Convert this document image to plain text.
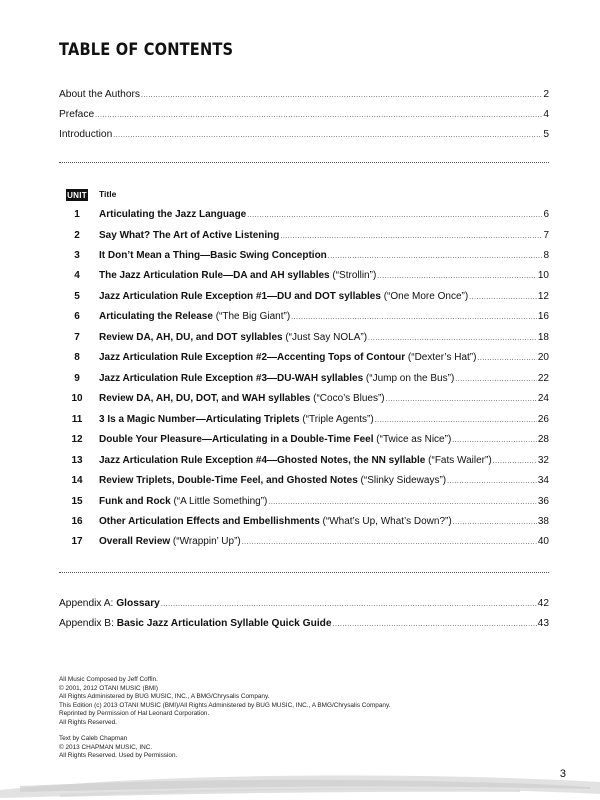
TABLE OF CONTENTS
About the Authors .....	2
Preface .....	4
Introduction .....	5
UNIT Title
1	Articulating the Jazz Language .....	6
2	Say What? The Art of Active Listening .....	7
3	It Don’t Mean a Thing—Basic Swing Conception .....	8
4	The Jazz Articulation Rule—DA and AH syllables (“Strollin”) .....	10
5	Jazz Articulation Rule Exception #1—DU and DOT syllables (“One More Once”) .....	12
6	Articulating the Release (“The Big Giant”) .....	16
7	Review DA, AH, DU, and DOT syllables (“Just Say NOLA”) .....	18
8	Jazz Articulation Rule Exception #2—Accenting Tops of Contour (“Dexter’s Hat”) .....	20
9	Jazz Articulation Rule Exception #3—DU-WAH syllables (“Jump on the Bus”) .....	22
10	Review DA, AH, DU, DOT, and WAH syllables (“Coco’s Blues”) .....	24
11	3 Is a Magic Number—Articulating Triplets (“Triple Agents”) .....	26
12	Double Your Pleasure—Articulating in a Double-Time Feel (“Twice as Nice”) .....	28
13	Jazz Articulation Rule Exception #4—Ghosted Notes, the NN syllable (“Fats Wailer”) .....	32
14	Review Triplets, Double-Time Feel, and Ghosted Notes (“Slinky Sideways”) .....	34
15	Funk and Rock (“A Little Something”) .....	36
16	Other Articulation Effects and Embellishments (“What’s Up, What’s Down?”) .....	38
17	Overall Review (“Wrappin’ Up”) .....	40
Appendix A: Glossary .....	42
Appendix B: Basic Jazz Articulation Syllable Quick Guide .....	43
All Music Composed by Jeff Coffin.
© 2001, 2012 OTANI MUSIC (BMI)
All Rights Administered by BUG MUSIC, INC., A BMG/Chrysalis Company.
This Edition (c) 2013 OTANI MUSIC (BMI)/All Rights Administered by BUG MUSIC, INC., A BMG/Chrysalis Company.
Reprinted by Permission of Hal Leonard Corporation.
All Rights Reserved.
Text by Caleb Chapman
© 2013 CHAPMAN MUSIC, INC.
All Rights Reserved. Used by Permission.
3
